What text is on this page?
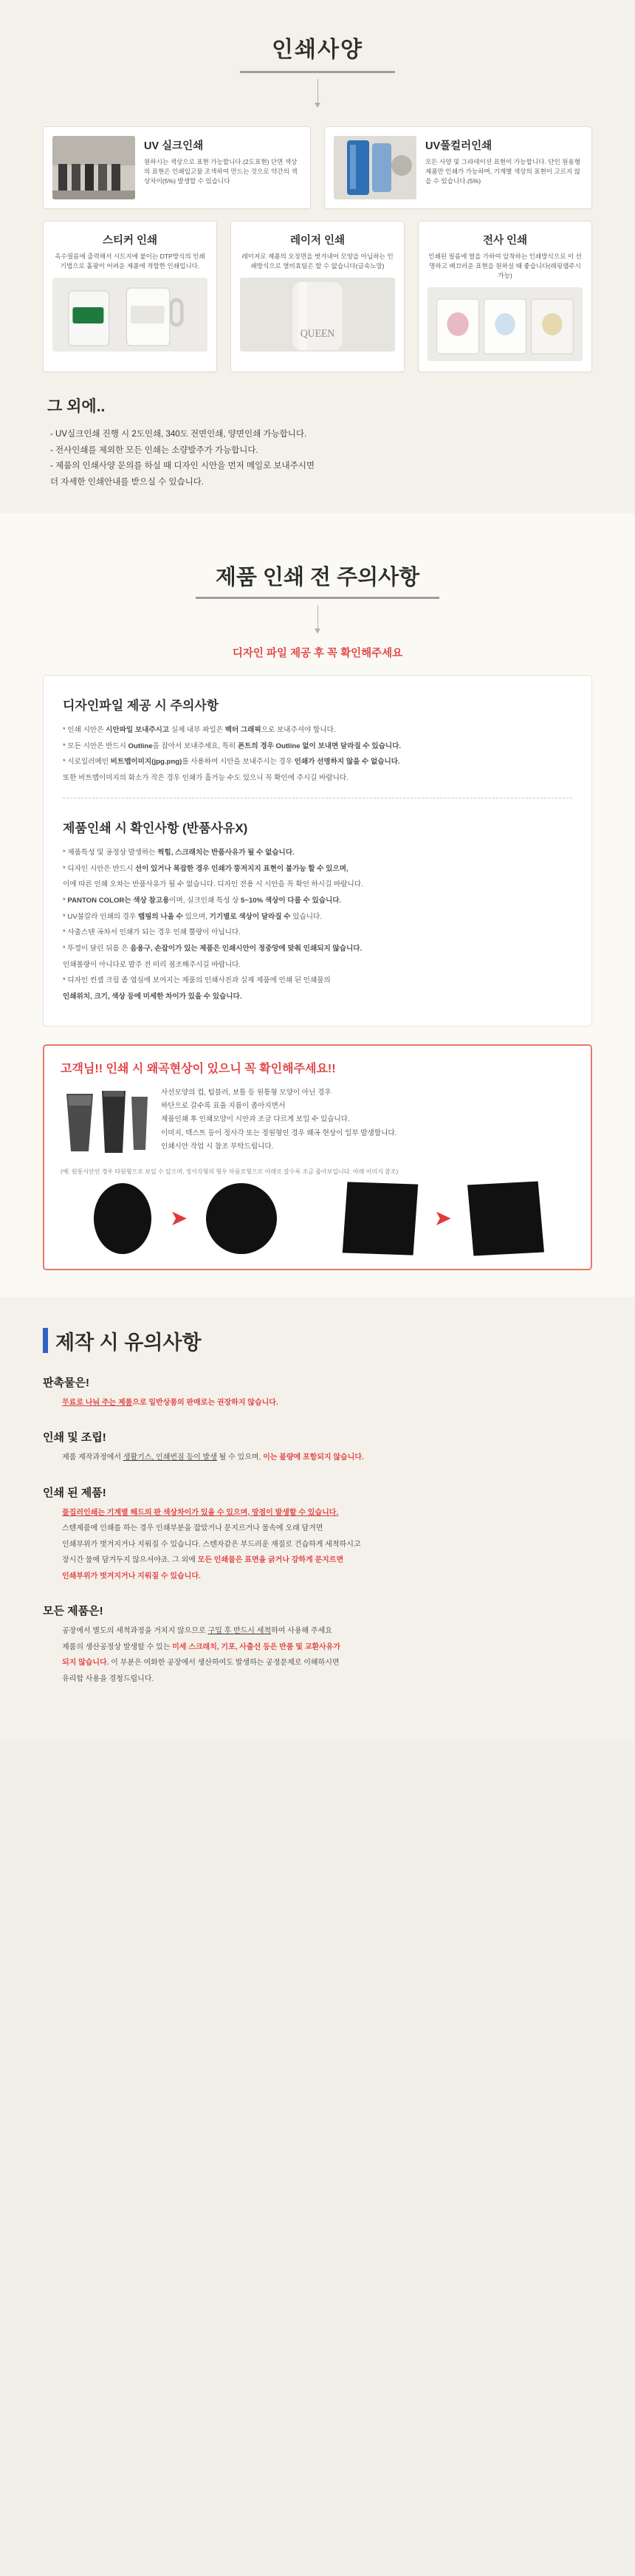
인쇄사양
UV 실크인쇄

원하시는 색상으로 표현 가능합니다.(2도표현) 단면 색상의 표현은 인쇄입고물 조색하여 만드는 것으로 약간의 색상차이(5%) 발생할 수 있습니다

UV풀컬러인쇄

모든 사양 및 그라데이션 표현이 가능합니다. 단인 원용형 제품만 인쇄가 가능하며, 기계별 색상의 표현이 고르지 않을 수 있습니다.(5%)

스티커 인쇄

옥수필름에 출력해서 시트지에 붙이는 DTP방식의 인쇄기법으로 홀팡이 어려운 제품에 적합한 인쇄입니다.

레이저 인쇄

레이저로 제품의 오징면을 벗겨내어 모양을 아닙하는 인쇄방식으로 열비효팀은 할 수 없습니다(금속노말)

QUEEN
전사 인쇄

인쇄된 필름에 열을 가하여 압착하는 인쇄방식으로 이 선명하고 배끄러운 표현을 원하실 때 좋습니다(래핑랩주시가능)

그 외에..
- UV실크인쇄 진행 시 2도인쇄, 340도 전면인쇄, 양면인쇄 가능합니다.
- 전사인쇄를 제외한 모든 인쇄는 소량발주가 가능합니다.
- 제품의 인쇄사양 문의를 하실 때 디자인 시안을 먼저 메일로 보내주시면
더 자세한 인쇄안내를 받으실 수 있습니다.
제품 인쇄 전 주의사항
디자인 파일 제공 후 꼭 확인해주세요
디자인파일 제공 시 주의사항

* 인쇄 시안은 시안파일 보내주시고 실제 내부 파일은 벡터 그래픽으로 보내주셔야 합니다.

* 모든 시안은 반드시 Outline을 잡아서 보내주세요, 특히 폰트의 경우 Outline 없이 보내면 달라질 수 있습니다.

* 시로일러메인 비트맵이미지(jpg.png)를 사용하여 시안을 보내주시는 경우 인쇄가 선명하지 않을 수 없습니다.

또한 비트맵이미지의 화소가 작은 경우 인쇄가 흘거능 수도 있으니 꼭 확인에 주시길 바랍니다.

제품인쇄 시 확인사항 (반품사유X)

* 제품특성 및 공정상 발생하는 찍힘, 스크래치는 반품사유가 될 수 없습니다.

* 디자인 시안은 반드시 선이 있거나 복잡한 경우 인쇄가 뚱저지지 표현이 불가능 할 수 있으며,

이에 따른 인쇄 오차는 반품사유가 될 수 없습니다. 디자인 전용 시 시안을 꼭 확인 하시길 바랍니다.

* PANTON COLOR는 색상 참고용이며, 실크인쇄 특성 상 5~10% 색상이 다를 수 있습니다.

* UV불칼라 인쇄의 경우 랩핑의 나올 수 있으며, 기기별로 색상이 달라질 수 있습니다.

* 사출스텐 곡차서 인쇄가 되는 경우 인쇄 뿔량이 아닙니다.

* 뚜껑이 달린 뒤름 은 음용구, 손잡이가 있는 제품은 인쇄시안이 정중앙에 맞춰 인쇄되지 않습니다.

인쇄볼량이 아니다로 발주 전 미리 점조해주시길 바랍니다.

* 디자인 컨셉 크림 좀 엽심에 보여지는 제품의 인쇄사진과 실제 제품에 인쇄 된 인쇄물의

인쇄위치, 크기, 색상 등에 미세한 차이가 있을 수 있습니다.

고객님!! 인쇄 시 왜곡현상이 있으니 꼭 확인해주세요!!

사선모양의 컵, 텀블러, 보틀 등 원통형 모양이 아닌 경우

하단으로 갈수록 표율 지름이 좁아지면서

제품인쇄 후 인쇄모양이 시안과 조금 다르게 보일 수 있습니다.

이미지, 텍스트 등이 정사각 또는 정원형인 경우 왜곡 현상이 일부 발생합니다.

인쇄시안 작업 시 참조 부탁드립니다.

(예: 원통시안인 경우 타원형으로 보일 수 있으며, 정사각형의 형우 마름모형으로 아래로 갈수록 조금 좁아보입니다. 아래 이미지 참조)
➤	➤
제작 시 유의사항
판촉물은!

무료로 나눠 주는 제품으로 일반상품의 판매로는 권장하지 않습니다.

인쇄 및 조립!

제품 제작과정에서 생활기스, 인쇄번짐 등이 발생 될 수 있으며, 이는 불량에 포함되지 않습니다.

인쇄 된 제품!

물집러인쇄는 기계별 헤드의 판 색상차이가 있을 수 있으며, 망점이 발생할 수 있습니다.

스텐제품에 인쇄를 하는 경우 인쇄부분을 잡았거나 문지르거나 물속에 오래 담겨면

인쇄부위가 벗겨지거나 지워질 수 있습니다. 스텐자같은 부드러운 재질로 건습하게 세척하시고

장시간 물에 담겨두지 않으셔야죠. 그 외에 모든 인쇄물은 표면을 긁거나 강하게 문지르면

인쇄부위가 벗겨지거나 지워질 수 있습니다.

모든 제품은!

공장에서 별도의 세척과정을 거치지 않으므로 구입 후 반드시 세척하여 사용해 주세요

제품의 생산공정상 발생할 수 있는 미세 스크래치, 기포, 사출선 등은 반품 및 교환사유가

되지 않습니다. 이 부분은 여화한 공장에서 생산하여도 발생하는 공정문제로 이해하시면

유리합 사용을 경청드립니다.
